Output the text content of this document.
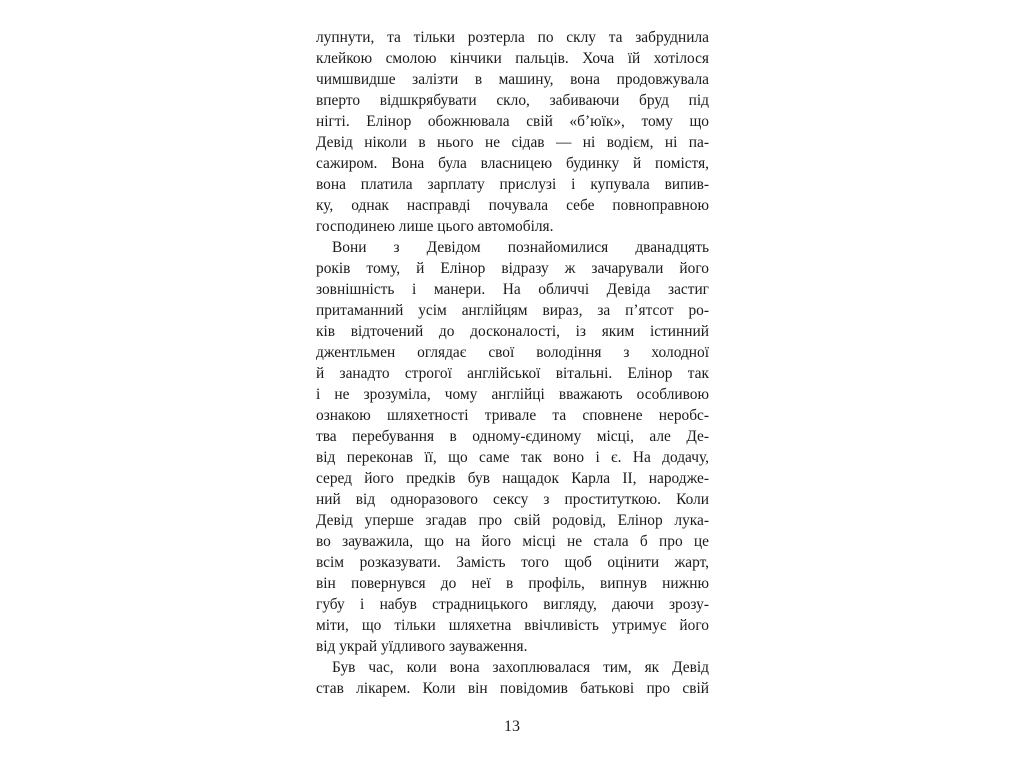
лупнути, та тільки розтерла по склу та забруднила
клейкою смолою кінчики пальців. Хоча їй хотілося
чимшвидше залізти в машину, вона продовжувала
вперто відшкрябувати скло, забиваючи бруд під
нігті. Елінор обожнювала свій «б’юїк», тому що
Девід ніколи в нього не сідав — ні водієм, ні па-
сажиром. Вона була власницею будинку й помістя,
вона платила зарплату прислузі і купувала випив-
ку, однак насправді почувала себе повноправною
господинею лише цього автомобіля.
Вони з Девідом познайомилися дванадцять
років тому, й Елінор відразу ж зачарували його
зовнішність і манери. На обличчі Девіда застиг
притаманний усім англійцям вираз, за п’ятсот ро-
ків відточений до досконалості, із яким істинний
джентльмен оглядає свої володіння з холодної
й занадто строгої англійської вітальні. Елінор так
і не зрозуміла, чому англійці вважають особливою
ознакою шляхетності тривале та сповнене неробс-
тва перебування в одному-єдиному місці, але Де-
від переконав її, що саме так воно і є. На додачу,
серед його предків був нащадок Карла II, народже-
ний від одноразового сексу з проституткою. Коли
Девід уперше згадав про свій родовід, Елінор лука-
во зауважила, що на його місці не стала б про це
всім розказувати. Замість того щоб оцінити жарт,
він повернувся до неї в профіль, випнув нижню
губу і набув страдницького вигляду, даючи зрозу-
міти, що тільки шляхетна ввічливість утримує його
від украй уїдливого зауваження.
Був час, коли вона захоплювалася тим, як Девід
став лікарем. Коли він повідомив батькові про свій
13
